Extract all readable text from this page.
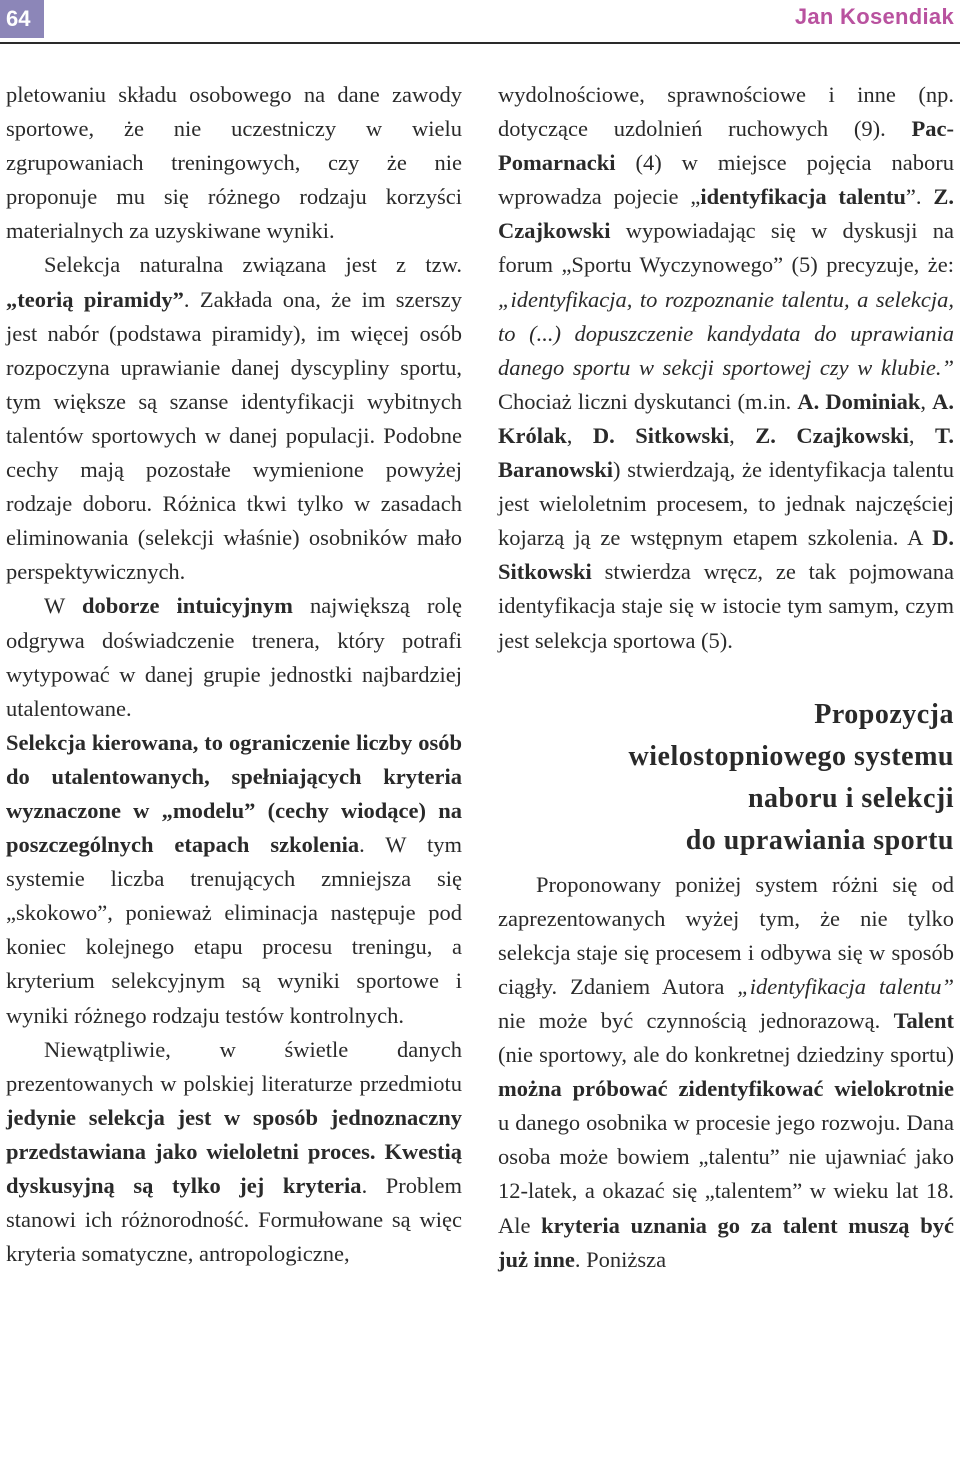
64	Jan Kosendiak

pletowaniu składu osobowego na dane zawody sportowe, że nie uczestniczy w wielu zgrupowaniach treningowych, czy że nie proponuje mu się różnego rodzaju korzyści materialnych za uzyskiwane wyniki.

Selekcja naturalna związana jest z tzw. „teorią piramidy”. Zakłada ona, że im szerszy jest nabór (podstawa piramidy), im więcej osób rozpoczyna uprawianie danej dyscypliny sportu, tym większe są szanse identyfikacji wybitnych talentów sportowych w danej populacji. Podobne cechy mają pozostałe wymienione powyżej rodzaje doboru. Różnica tkwi tylko w zasadach eliminowania (selekcji właśnie) osobników mało perspektywicznych.

W doborze intuicyjnym największą rolę odgrywa doświadczenie trenera, który potrafi wytypować w danej grupie jednostki najbardziej utalentowane.

Selekcja kierowana, to ograniczenie liczby osób do utalentowanych, spełniających kryteria wyznaczone w „modelu” (cechy wiodące) na poszczególnych etapach szkolenia. W tym systemie liczba trenujących zmniejsza się „skokowo”, ponieważ eliminacja następuje pod koniec kolejnego etapu procesu treningu, a kryterium selekcyjnym są wyniki sportowe i wyniki różnego rodzaju testów kontrolnych.

Niewątpliwie, w świetle danych prezentowanych w polskiej literaturze przedmiotu jedynie selekcja jest w sposób jednoznaczny przedstawiana jako wieloletni proces. Kwestią dyskusyjną są tylko jej kryteria. Problem stanowi ich różnorodność. Formułowane są więc kryteria somatyczne, antropologiczne,

wydolnościowe, sprawnościowe i inne (np. dotyczące uzdolnień ruchowych (9). Pac-Pomarnacki (4) w miejsce pojęcia naboru wprowadza pojecie „identyfikacja talentu”. Z. Czajkowski wypowiadając się w dyskusji na forum „Sportu Wyczynowego” (5) precyzuje, że: „identyfikacja, to rozpoznanie talentu, a selekcja, to (...) dopuszczenie kandydata do uprawiania danego sportu w sekcji sportowej czy w klubie.” Chociaż liczni dyskutanci (m.in. A. Dominiak, A. Królak, D. Sitkowski, Z. Czajkowski, T. Baranowski) stwierdzają, że identyfikacja talentu jest wieloletnim procesem, to jednak najczęściej kojarzą ją ze wstępnym etapem szkolenia. A D. Sitkowski stwierdza wręcz, ze tak pojmowana identyfikacja staje się w istocie tym samym, czym jest selekcja sportowa (5).

Propozycja
wielostopniowego systemu
naboru i selekcji
do uprawiania sportu

Proponowany poniżej system różni się od zaprezentowanych wyżej tym, że nie tylko selekcja staje się procesem i odbywa się w sposób ciągły. Zdaniem Autora „identyfikacja talentu” nie może być czynnością jednorazową. Talent (nie sportowy, ale do konkretnej dziedziny sportu) można próbować zidentyfikować wielokrotnie u danego osobnika w procesie jego rozwoju. Dana osoba może bowiem „talentu” nie ujawniać jako 12-latek, a okazać się „talentem” w wieku lat 18. Ale kryteria uznania go za talent muszą być już inne. Poniższa
